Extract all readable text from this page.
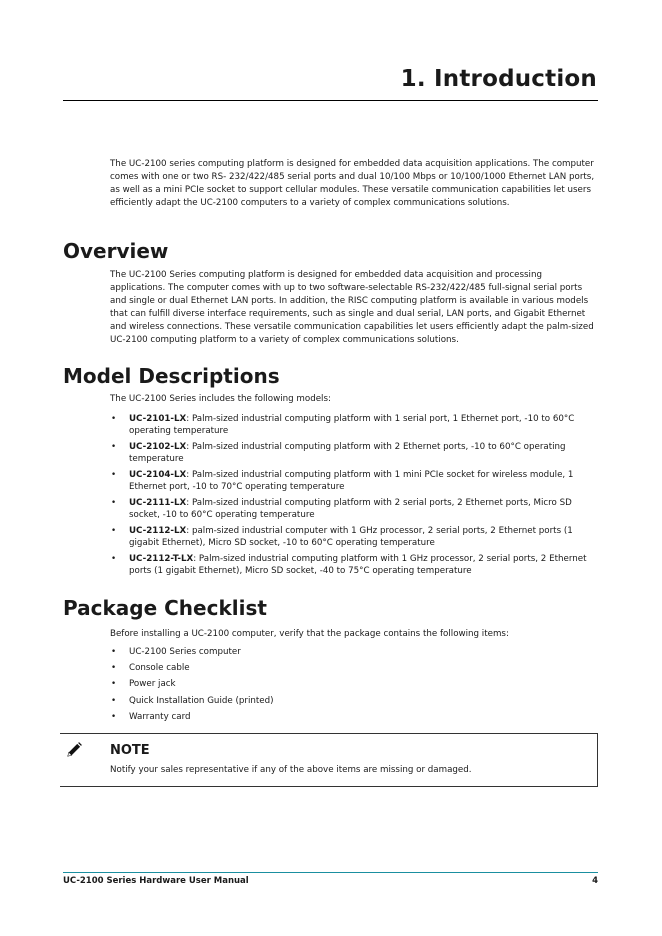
1. Introduction

The UC-2100 series computing platform is designed for embedded data acquisition applications. The computer comes with one or two RS- 232/422/485 serial ports and dual 10/100 Mbps or 10/100/1000 Ethernet LAN ports, as well as a mini PCIe socket to support cellular modules. These versatile communication capabilities let users efficiently adapt the UC-2100 computers to a variety of complex communications solutions.

Overview

The UC-2100 Series computing platform is designed for embedded data acquisition and processing applications. The computer comes with up to two software-selectable RS-232/422/485 full-signal serial ports and single or dual Ethernet LAN ports. In addition, the RISC computing platform is available in various models that can fulfill diverse interface requirements, such as single and dual serial, LAN ports, and Gigabit Ethernet and wireless connections. These versatile communication capabilities let users efficiently adapt the palm-sized UC-2100 computing platform to a variety of complex communications solutions.

Model Descriptions

The UC-2100 Series includes the following models:

• UC-2101-LX: Palm-sized industrial computing platform with 1 serial port, 1 Ethernet port, -10 to 60°C operating temperature
• UC-2102-LX: Palm-sized industrial computing platform with 2 Ethernet ports, -10 to 60°C operating temperature
• UC-2104-LX: Palm-sized industrial computing platform with 1 mini PCIe socket for wireless module, 1 Ethernet port, -10 to 70°C operating temperature
• UC-2111-LX: Palm-sized industrial computing platform with 2 serial ports, 2 Ethernet ports, Micro SD socket, -10 to 60°C operating temperature
• UC-2112-LX: palm-sized industrial computer with 1 GHz processor, 2 serial ports, 2 Ethernet ports (1 gigabit Ethernet), Micro SD socket, -10 to 60°C operating temperature
• UC-2112-T-LX: Palm-sized industrial computing platform with 1 GHz processor, 2 serial ports, 2 Ethernet ports (1 gigabit Ethernet), Micro SD socket, -40 to 75°C operating temperature
Package Checklist

Before installing a UC-2100 computer, verify that the package contains the following items:

• UC-2100 Series computer
• Console cable
• Power jack
• Quick Installation Guide (printed)
• Warranty card
NOTE
Notify your sales representative if any of the above items are missing or damaged.
UC-2100 Series Hardware User Manual	4
